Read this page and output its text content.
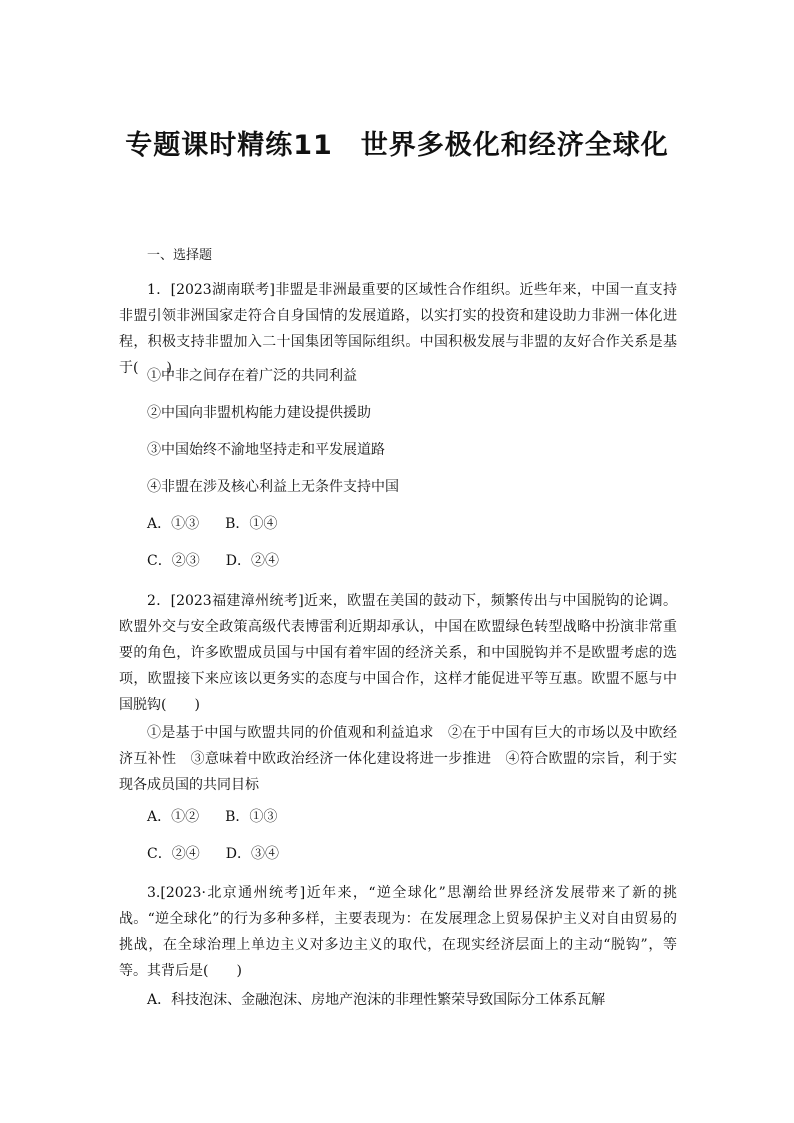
专题课时精练11　世界多极化和经济全球化
一、选择题
1．[2023湖南联考]非盟是非洲最重要的区域性合作组织。近些年来，中国一直支持非盟引领非洲国家走符合自身国情的发展道路，以实打实的投资和建设助力非洲一体化进程，积极支持非盟加入二十国集团等国际组织。中国积极发展与非盟的友好合作关系是基于(　　)
①中非之间存在着广泛的共同利益
②中国向非盟机构能力建设提供援助
③中国始终不渝地坚持走和平发展道路
④非盟在涉及核心利益上无条件支持中国
A．①③ B．①④
C．②③ D．②④
2．[2023福建漳州统考]近来，欧盟在美国的鼓动下，频繁传出与中国脱钩的论调。欧盟外交与安全政策高级代表博雷利近期却承认，中国在欧盟绿色转型战略中扮演非常重要的角色，许多欧盟成员国与中国有着牢固的经济关系，和中国脱钩并不是欧盟考虑的选项，欧盟接下来应该以更务实的态度与中国合作，这样才能促进平等互惠。欧盟不愿与中国脱钩(　　)
①是基于中国与欧盟共同的价值观和利益追求　②在于中国有巨大的市场以及中欧经济互补性　③意味着中欧政治经济一体化建设将进一步推进　④符合欧盟的宗旨，利于实现各成员国的共同目标
A．①② B．①③
C．②④ D．③④
3.[2023·北京通州统考]近年来，“逆全球化”思潮给世界经济发展带来了新的挑战。“逆全球化”的行为多种多样，主要表现为：在发展理念上贸易保护主义对自由贸易的挑战，在全球治理上单边主义对多边主义的取代，在现实经济层面上的主动“脱钩”，等等。其背后是(　　)
A．科技泡沫、金融泡沫、房地产泡沫的非理性繁荣导致国际分工体系瓦解
